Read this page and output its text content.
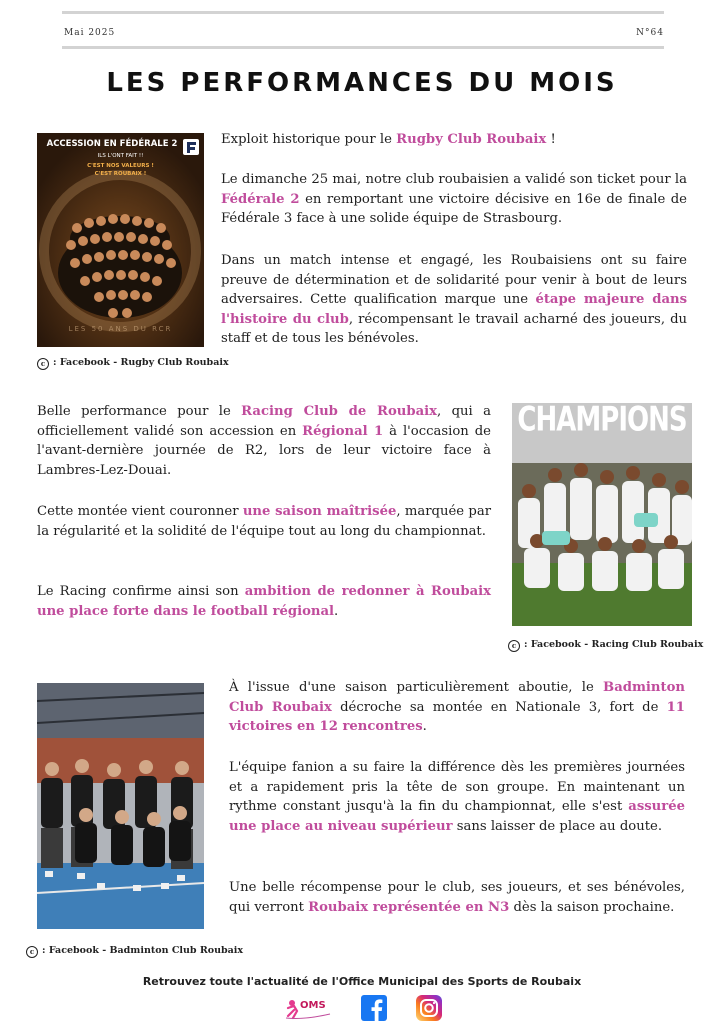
Mai 2025	N°64
LES PERFORMANCES DU MOIS
ACCESSION EN FÉDÉRALE 2
ILS L'ONT FAIT !!
C'EST NOS VALEURS !
C'EST ROUBAIX !
LES 50 ANS DU RCR
c : Facebook - Rugby Club Roubaix

Exploit historique pour le Rugby Club Roubaix !

Le dimanche 25 mai, notre club roubaisien a validé son ticket pour la Fédérale 2 en remportant une victoire décisive en 16e de finale de Fédérale 3 face à une solide équipe de Strasbourg.

Dans un match intense et engagé, les Roubaisiens ont su faire preuve de détermination et de solidarité pour venir à bout de leurs adversaires. Cette qualification marque une étape majeure dans l'histoire du club, récompensant le travail acharné des joueurs, du staff et de tous les bénévoles.

Belle performance pour le Racing Club de Roubaix, qui a officiellement validé son accession en Régional 1 à l'occasion de l'avant-dernière journée de R2, lors de leur victoire face à Lambres-Lez-Douai.

Cette montée vient couronner une saison maîtrisée, marquée par la régularité et la solidité de l'équipe tout au long du championnat.

Le Racing confirme ainsi son ambition de redonner à Roubaix une place forte dans le football régional.

CHAMPIONS
c : Facebook - Racing Club Roubaix
c : Facebook - Badminton Club Roubaix

À l'issue d'une saison particulièrement aboutie, le Badminton Club Roubaix décroche sa montée en Nationale 3, fort de 11 victoires en 12 rencontres.

L'équipe fanion a su faire la différence dès les premières journées et a rapidement pris la tête de son groupe. En maintenant un rythme constant jusqu'à la fin du championnat, elle s'est assurée une place au niveau supérieur sans laisser de place au doute.

Une belle récompense pour le club, ses joueurs, et ses bénévoles, qui verront Roubaix représentée en N3 dès la saison prochaine.

Retrouvez toute l'actualité de l'Office Municipal des Sports de Roubaix
OMS
